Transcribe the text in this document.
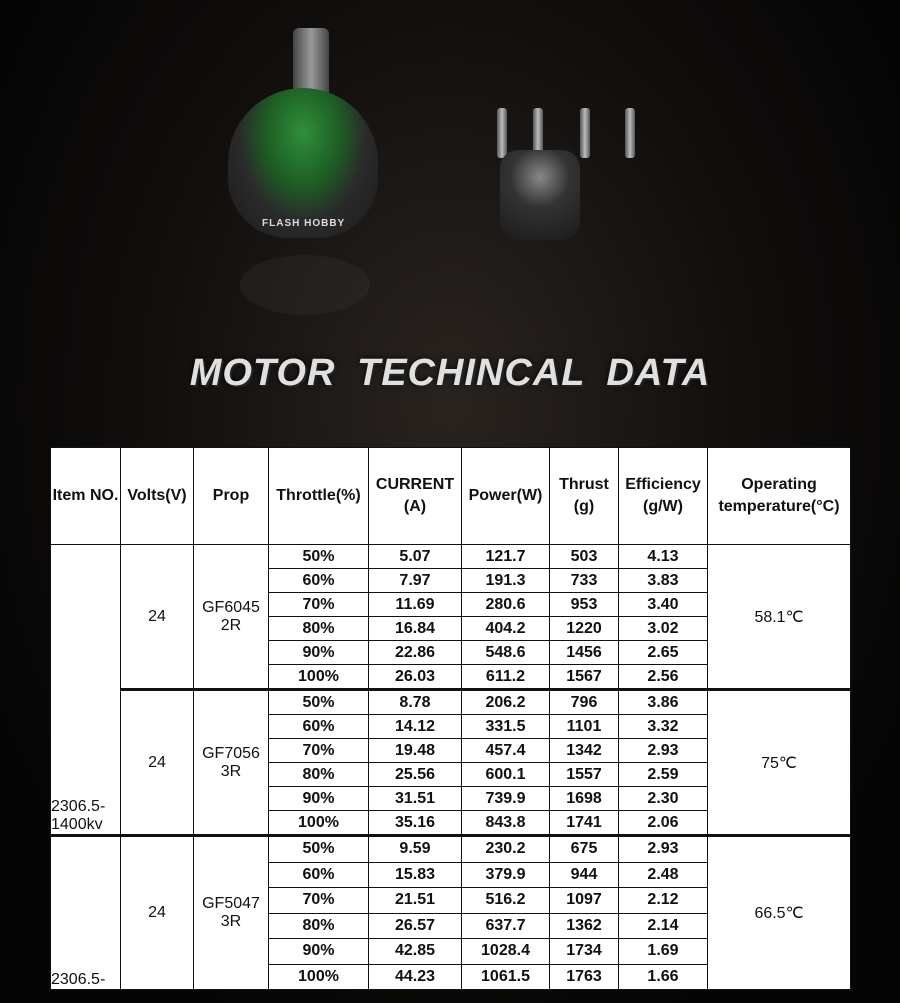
FLASH HOBBY
MOTOR TECHINCAL DATA
Item NO.	Volts(V)	Prop	Throttle(%)	CURRENT (A)	Power(W)	Thrust (g)	Efficiency (g/W)	Operating temperature(°C)
2306.5-1400kv	24	GF6045 2R	50%	5.07	121.7	503	4.13	58.1℃
			60%	7.97	191.3	733	3.83	
			70%	11.69	280.6	953	3.40	
			80%	16.84	404.2	1220	3.02	
			90%	22.86	548.6	1456	2.65	
			100%	26.03	611.2	1567	2.56	
	24	GF7056 3R	50%	8.78	206.2	796	3.86	75℃
			60%	14.12	331.5	1101	3.32	
			70%	19.48	457.4	1342	2.93	
			80%	25.56	600.1	1557	2.59	
			90%	31.51	739.9	1698	2.30	
			100%	35.16	843.8	1741	2.06	
2306.5-	24	GF5047 3R	50%	9.59	230.2	675	2.93	66.5℃
			60%	15.83	379.9	944	2.48	
			70%	21.51	516.2	1097	2.12	
			80%	26.57	637.7	1362	2.14	
			90%	42.85	1028.4	1734	1.69	
			100%	44.23	1061.5	1763	1.66	
